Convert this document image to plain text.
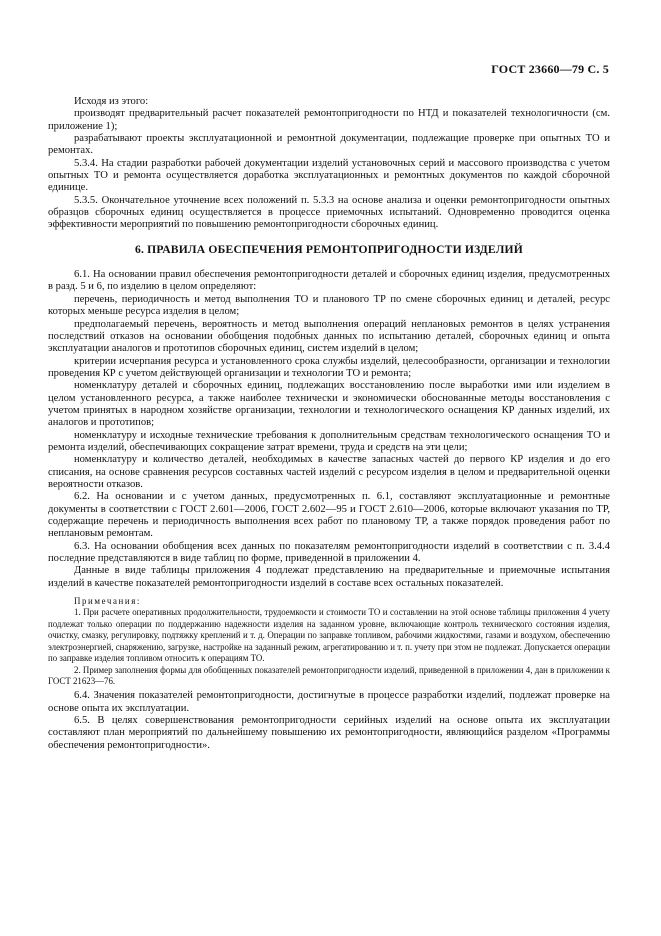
ГОСТ 23660—79 С. 5

Исходя из этого:

производят предварительный расчет показателей ремонтопригодности по НТД и показателей технологичности (см. приложение 1);

разрабатывают проекты эксплуатационной и ремонтной документации, подлежащие проверке при опытных ТО и ремонтах.

5.3.4. На стадии разработки рабочей документации изделий установочных серий и массового производства с учетом опытных ТО и ремонта осуществляется доработка эксплуатационных и ремонтных документов по каждой сборочной единице.

5.3.5. Окончательное уточнение всех положений п. 5.3.3 на основе анализа и оценки ремонтопригодности опытных образцов сборочных единиц осуществляется в процессе приемочных испытаний. Одновременно проводится оценка эффективности мероприятий по повышению ремонтопригодности сборочных единиц.

6. ПРАВИЛА ОБЕСПЕЧЕНИЯ РЕМОНТОПРИГОДНОСТИ ИЗДЕЛИЙ

6.1. На основании правил обеспечения ремонтопригодности деталей и сборочных единиц изделия, предусмотренных в разд. 5 и 6, по изделию в целом определяют:

перечень, периодичность и метод выполнения ТО и планового ТР по смене сборочных единиц и деталей, ресурс которых меньше ресурса изделия в целом;

предполагаемый перечень, вероятность и метод выполнения операций неплановых ремонтов в целях устранения последствий отказов на основании обобщения подобных данных по испытанию деталей, сборочных единиц и опыта эксплуатации аналогов и прототипов сборочных единиц, систем изделий в целом;

критерии исчерпания ресурса и установленного срока службы изделий, целесообразности, организации и технологии проведения КР с учетом действующей организации и технологии ТО и ремонта;

номенклатуру деталей и сборочных единиц, подлежащих восстановлению после выработки ими или изделием в целом установленного ресурса, а также наиболее технически и экономически обоснованные методы восстановления с учетом принятых в народном хозяйстве организации, технологии и технологического оснащения КР данных изделий, их аналогов и прототипов;

номенклатуру и исходные технические требования к дополнительным средствам технологического оснащения ТО и ремонта изделий, обеспечивающих сокращение затрат времени, труда и средств на эти цели;

номенклатуру и количество деталей, необходимых в качестве запасных частей до первого КР изделия и до его списания, на основе сравнения ресурсов составных частей изделий с ресурсом изделия в целом и предварительной оценки вероятности отказов.

6.2. На основании и с учетом данных, предусмотренных п. 6.1, составляют эксплуатационные и ремонтные документы в соответствии с ГОСТ 2.601—2006, ГОСТ 2.602—95 и ГОСТ 2.610—2006, которые включают указания по ТР, содержащие перечень и периодичность выполнения всех работ по плановому ТР, а также порядок проведения работ по неплановым ремонтам.

6.3. На основании обобщения всех данных по показателям ремонтопригодности изделий в соответствии с п. 3.4.4 последние представляются в виде таблиц по форме, приведенной в приложении 4.

Данные в виде таблицы приложения 4 подлежат представлению на предварительные и приемочные испытания изделий в качестве показателей ремонтопригодности изделий в составе всех остальных показателей.

Примечания:

1. При расчете оперативных продолжительности, трудоемкости и стоимости ТО и составлении на этой основе таблицы приложения 4 учету подлежат только операции по поддержанию надежности изделия на заданном уровне, включающие контроль технического состояния изделия, очистку, смазку, регулировку, подтяжку креплений и т. д. Операции по заправке топливом, рабочими жидкостями, газами и воздухом, обеспечению электроэнергией, снаряжению, загрузке, настройке на заданный режим, агрегатированию и т. п. учету при этом не подлежат. Допускается операции по заправке изделия топливом относить к операциям ТО.

2. Пример заполнения формы для обобщенных показателей ремонтопригодности изделий, приведенной в приложении 4, дан в приложении к ГОСТ 21623—76.

6.4. Значения показателей ремонтопригодности, достигнутые в процессе разработки изделий, подлежат проверке на основе опыта их эксплуатации.

6.5. В целях совершенствования ремонтопригодности серийных изделий на основе опыта их эксплуатации составляют план мероприятий по дальнейшему повышению их ремонтопригодности, являющийся разделом «Программы обеспечения ремонтопригодности».
